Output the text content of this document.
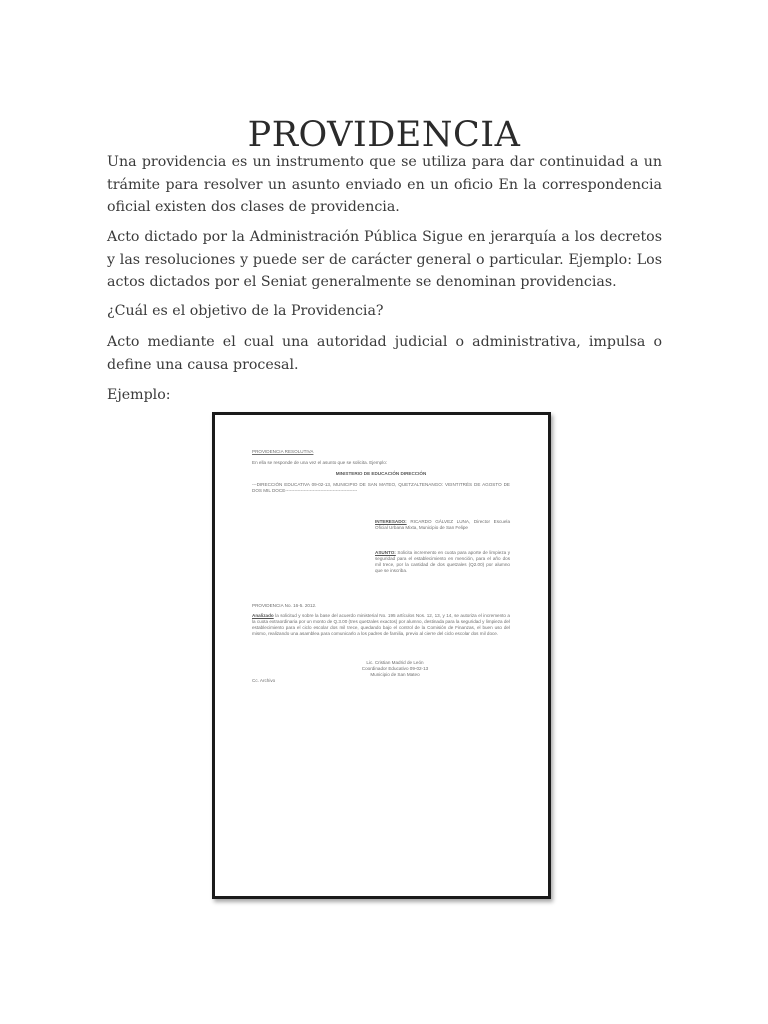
PROVIDENCIA

Una providencia es un instrumento que se utiliza para dar continuidad a un trámite para resolver un asunto enviado en un oficio En la correspondencia oficial existen dos clases de providencia.

Acto dictado por la Administración Pública Sigue en jerarquía a los decretos y las resoluciones y puede ser de carácter general o particular. Ejemplo: Los actos dictados por el Seniat generalmente se denominan providencias.

¿Cuál es el objetivo de la Providencia?

Acto mediante el cual una autoridad judicial o administrativa, impulsa o define una causa procesal.

Ejemplo:

PROVIDENCIA RESOLUTIVA
En ella se responde de una vez el asunto que se solicita. Ejemplo:
MINISTERIO DE EDUCACIÓN DIRECCIÓN
---DIRECCIÓN EDUCATIVA 09-02-13, MUNICIPIO DE SAN MATEO, QUETZALTENANGO: VEINTITRÉS DE AGOSTO DE DOS MIL DOCE-----------------------------------------------
INTERESADO: RICARDO GÁLVEZ LUNA, Director Escuela Oficial Urbana Mixta, Municipio de San Felipe
ASUNTO: Solicita incremento en cuota para aporte de limpieza y seguridad para el establecimiento en mención, para el año dos mil trece, por la cantidad de dos quetzales (Q2.00) por alumno que se inscriba.
PROVIDENCIA No. 16-5. 2012.
Analizado la solicitud y sobre la base del acuerdo ministerial No. 195 artículos Nos. 12, 13, y 14, se autoriza el incremento a la cuota extraordinaria por un monto de Q.3.00 (tres quetzales exactos) por alumno, destinada para la seguridad y limpieza del establecimiento para el ciclo escolar dos mil trece, quedando bajo el control de la Comisión de Finanzas, el buen uso del mismo, realizando una asamblea para comunicarlo a los padres de familia, previo al cierre del ciclo escolar dos mil doce.
Lic. Cristian Madrid de León
Coordinador Educativo 09-02-13
Municipio de San Mateo
Cc. Archivo
